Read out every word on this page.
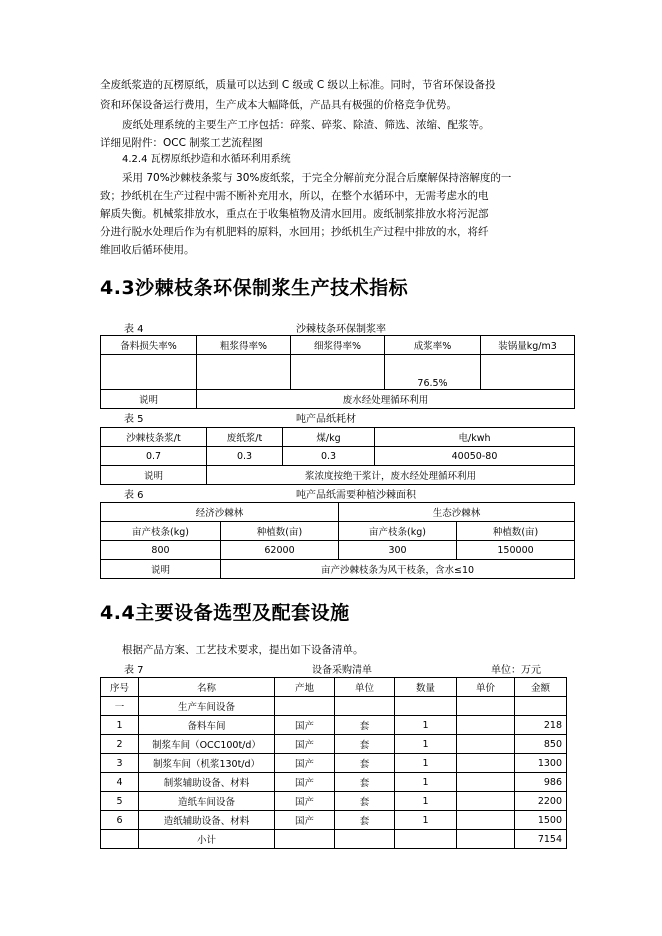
全废纸浆造的瓦楞原纸，质量可以达到 C 级或 C 级以上标准。同时，节省环保设备投
资和环保设备运行费用，生产成本大幅降低，产品具有极强的价格竞争优势。
废纸处理系统的主要生产工序包括：碎浆、碎浆、除渣、筛选、浓缩、配浆等。
详细见附件：OCC 制浆工艺流程图
4.2.4 瓦楞原纸抄造和水循环利用系统
采用 70%沙棘枝条浆与 30%废纸浆，于完全分解前充分混合后糜解保持溶解度的一
致；抄纸机在生产过程中需不断补充用水，所以，在整个水循环中，无需考虑水的电
解质失衡。机械浆排放水，重点在于收集植物及清水回用。废纸制浆排放水将污泥部
分进行脱水处理后作为有机肥料的原料，水回用；抄纸机生产过程中排放的水，将纤
维回收后循环使用。
4.3沙棘枝条环保制浆生产技术指标
表 4	沙棘枝条环保制浆率
备料损失率%	粗浆得率%	细浆得率%	成浆率%	装锅量kg/m3
			76.5%	
说明	废水经处理循环利用			
表 5	吨产品纸耗材
沙棘枝条浆/t	废纸浆/t	煤/kg	电/kwh
0.7	0.3	0.3	40050-80
说明	浆浓度按绝干浆计，废水经处理循环利用		
表 6	吨产品纸需要种植沙棘面积
经济沙棘林		生态沙棘林	
亩产枝条(kg)	种植数(亩)	亩产枝条(kg)	种植数(亩)
800	62000	300	150000
说明	亩产沙棘枝条为风干枝条，含水≤10		
4.4主要设备选型及配套设施
根据产品方案、工艺技术要求，提出如下设备清单。
表 7	设备采购清单	单位：万元
序号	名称	产地	单位	数量	单价	金额
一	生产车间设备					
1	备料车间	国产	套	1		218
2	制浆车间（OCC100t/d）	国产	套	1		850
3	制浆车间（机浆130t/d）	国产	套	1		1300
4	制浆辅助设备、材料	国产	套	1		986
5	造纸车间设备	国产	套	1		2200
6	造纸辅助设备、材料	国产	套	1		1500
	小计					7154
